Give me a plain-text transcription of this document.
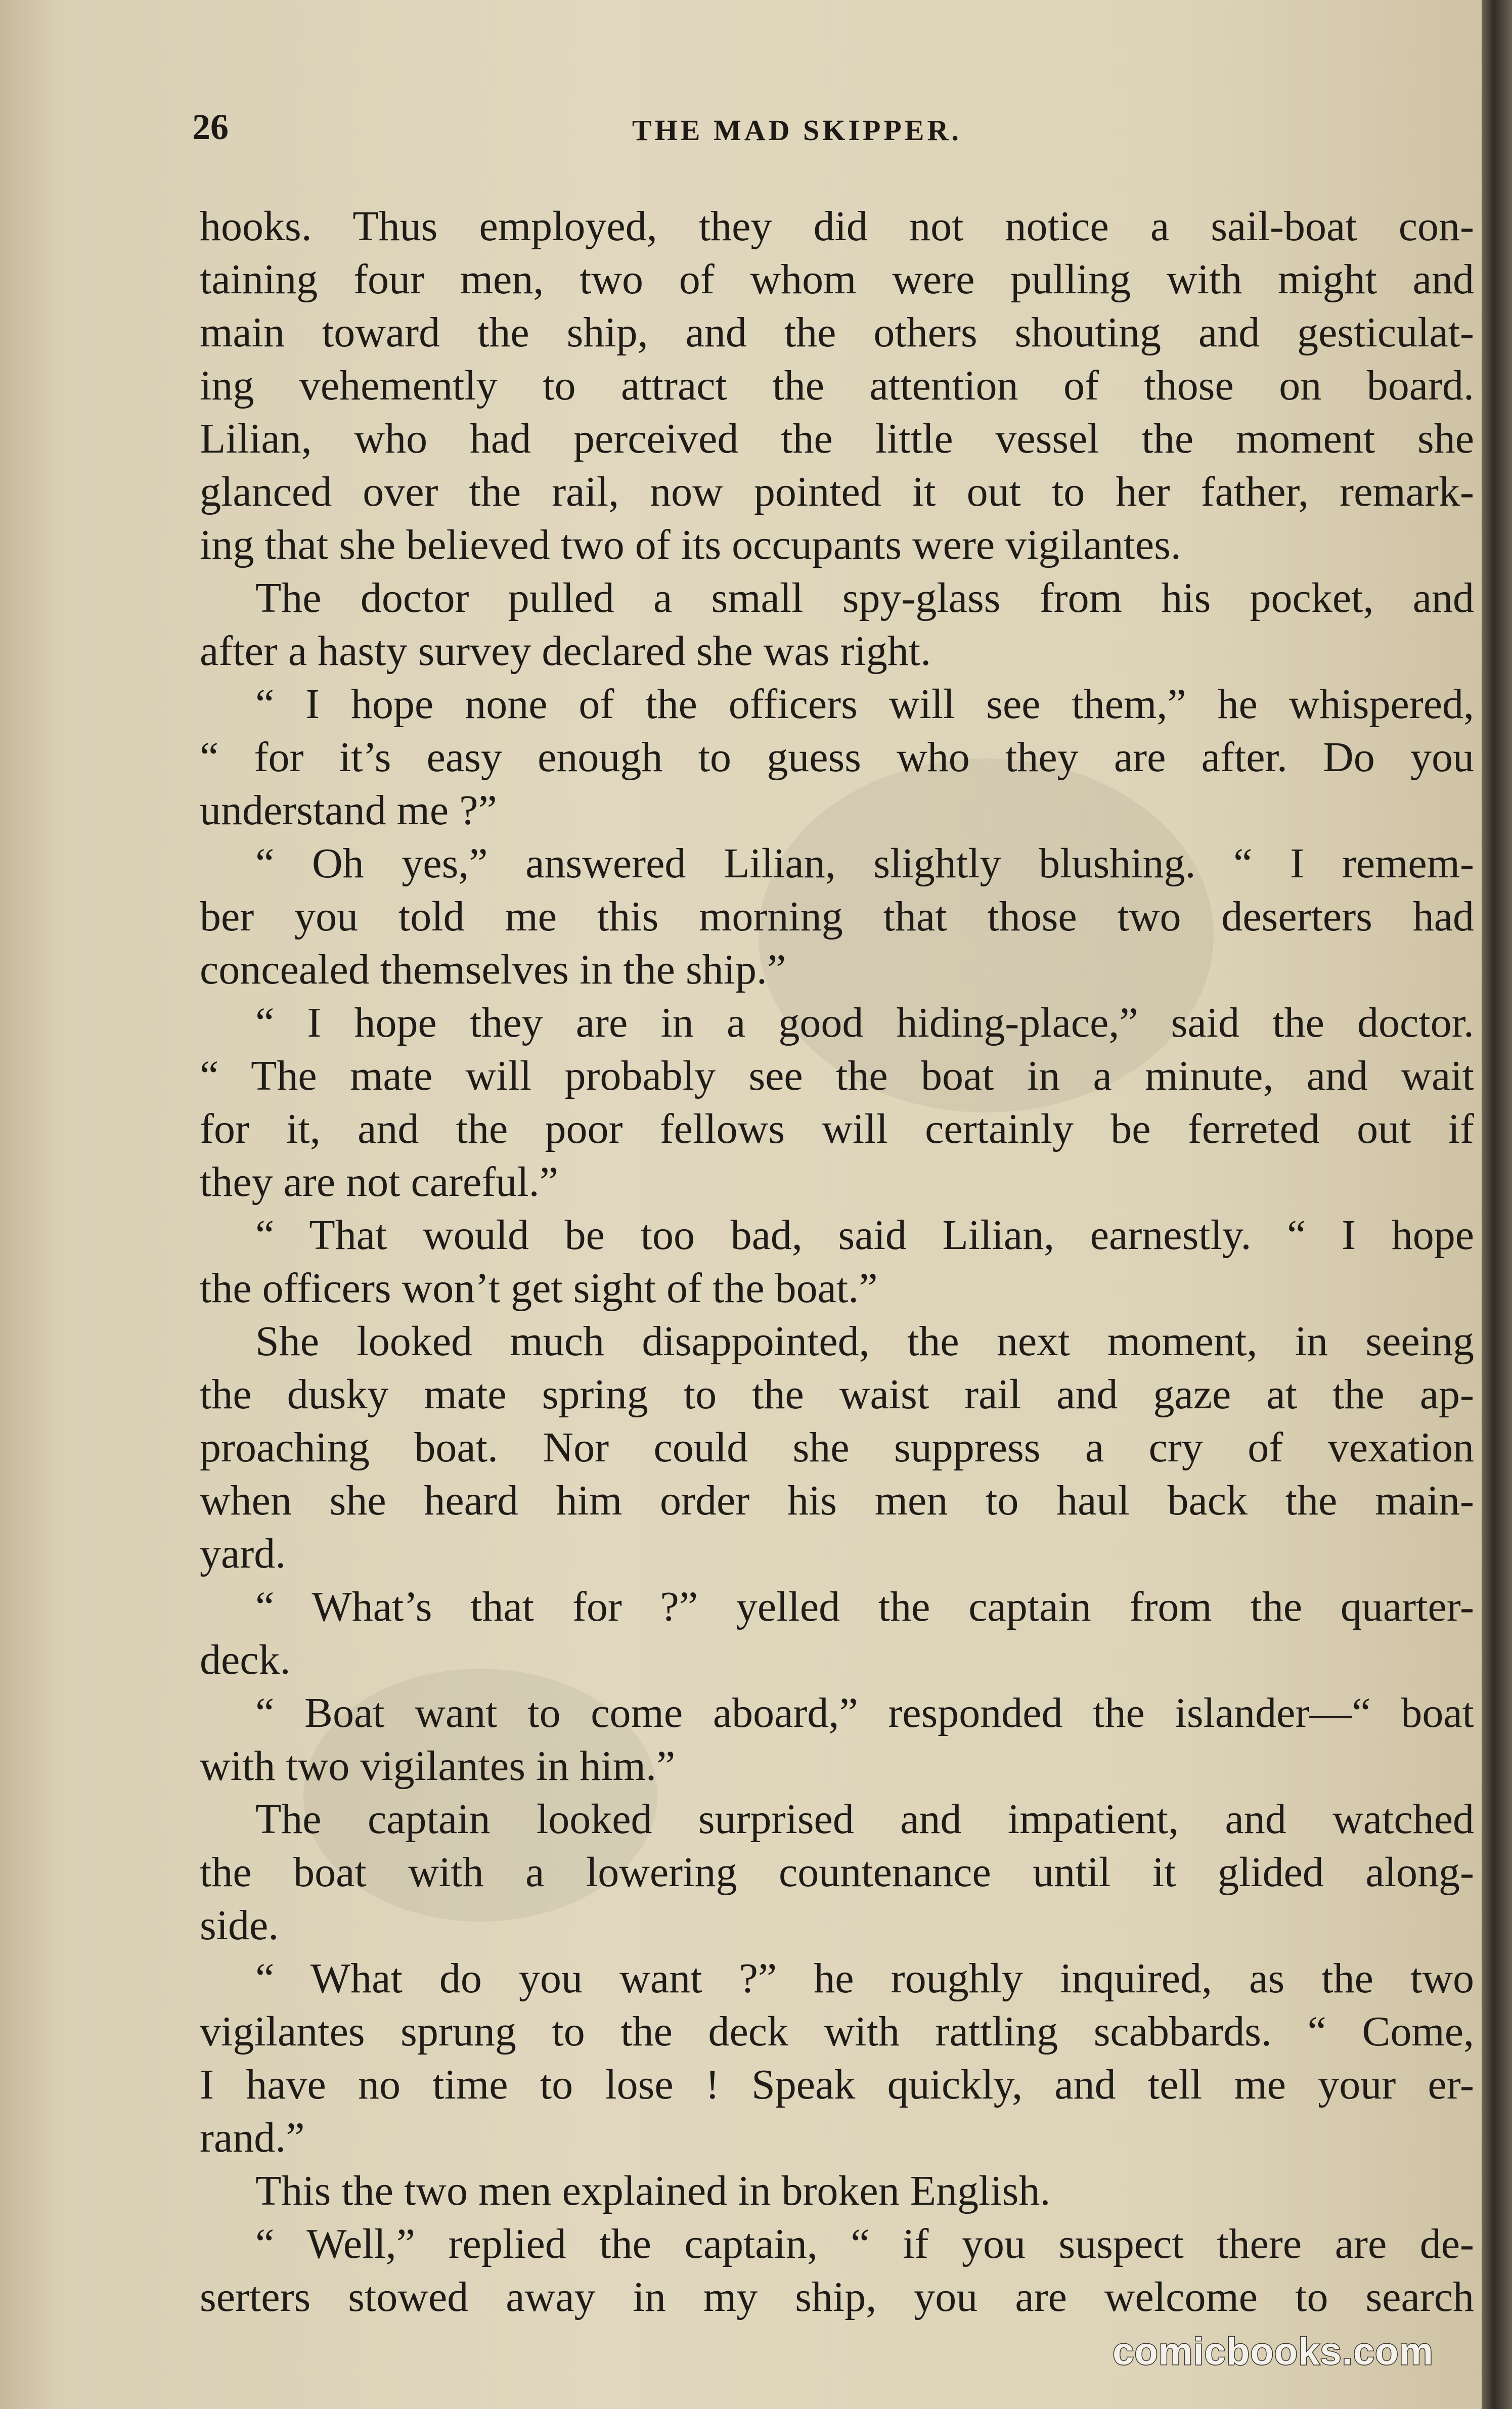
26	THE MAD SKIPPER.

hooks. Thus employed, they did not notice a sail-boat con-
taining four men, two of whom were pulling with might and
main toward the ship, and the others shouting and gesticulat-
ing vehemently to attract the attention of those on board.
Lilian, who had perceived the little vessel the moment she
glanced over the rail, now pointed it out to her father, remark-
ing that she believed two of its occupants were vigilantes.

The doctor pulled a small spy-glass from his pocket, and
after a hasty survey declared she was right.

“ I hope none of the officers will see them,” he whispered,
“ for it’s easy enough to guess who they are after. Do you
understand me ?”

“ Oh yes,” answered Lilian, slightly blushing. “ I remem-
ber you told me this morning that those two deserters had
concealed themselves in the ship.”

“ I hope they are in a good hiding-place,” said the doctor.
“ The mate will probably see the boat in a minute, and wait
for it, and the poor fellows will certainly be ferreted out if
they are not careful.”

“ That would be too bad, said Lilian, earnestly. “ I hope
the officers won’t get sight of the boat.”

She looked much disappointed, the next moment, in seeing
the dusky mate spring to the waist rail and gaze at the ap-
proaching boat. Nor could she suppress a cry of vexation
when she heard him order his men to haul back the main-
yard.

“ What’s that for ?” yelled the captain from the quarter-
deck.

“ Boat want to come aboard,” responded the islander—“ boat
with two vigilantes in him.”

The captain looked surprised and impatient, and watched
the boat with a lowering countenance until it glided along-
side.

“ What do you want ?” he roughly inquired, as the two
vigilantes sprung to the deck with rattling scabbards. “ Come,
I have no time to lose ! Speak quickly, and tell me your er-
rand.”

This the two men explained in broken English.

“ Well,” replied the captain, “ if you suspect there are de-
serters stowed away in my ship, you are welcome to search

comicbooks.com
